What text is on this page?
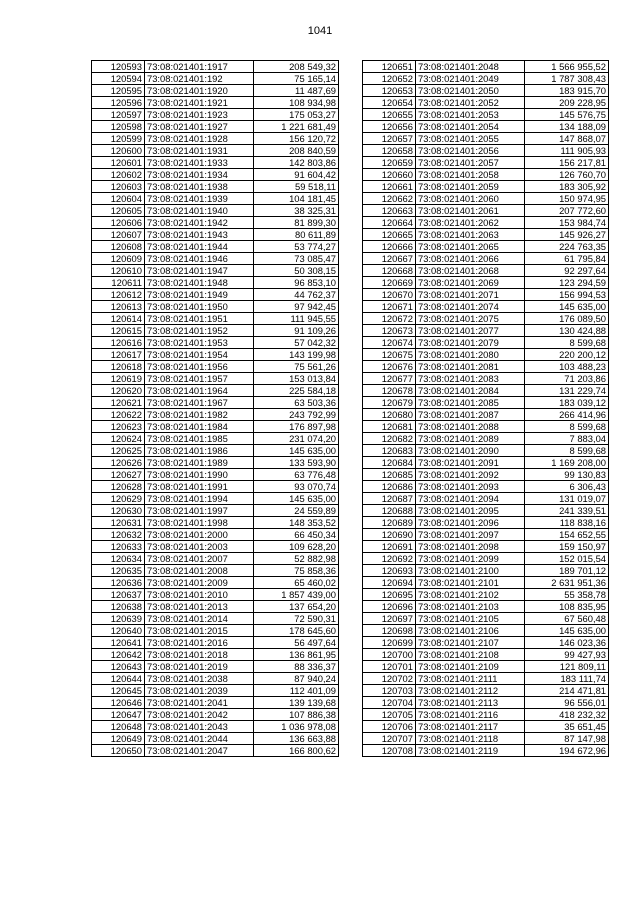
1041
120593	73:08:021401:1917	208 549,32
120594	73:08:021401:192	75 165,14
120595	73:08:021401:1920	11 487,69
120596	73:08:021401:1921	108 934,98
120597	73:08:021401:1923	175 053,27
120598	73:08:021401:1927	1 221 681,49
120599	73:08:021401:1928	156 120,72
120600	73:08:021401:1931	208 840,59
120601	73:08:021401:1933	142 803,86
120602	73:08:021401:1934	91 604,42
120603	73:08:021401:1938	59 518,11
120604	73:08:021401:1939	104 181,45
120605	73:08:021401:1940	38 325,31
120606	73:08:021401:1942	81 899,30
120607	73:08:021401:1943	80 611,89
120608	73:08:021401:1944	53 774,27
120609	73:08:021401:1946	73 085,47
120610	73:08:021401:1947	50 308,15
120611	73:08:021401:1948	96 853,10
120612	73:08:021401:1949	44 762,37
120613	73:08:021401:1950	97 942,45
120614	73:08:021401:1951	111 945,55
120615	73:08:021401:1952	91 109,26
120616	73:08:021401:1953	57 042,32
120617	73:08:021401:1954	143 199,98
120618	73:08:021401:1956	75 561,26
120619	73:08:021401:1957	153 013,84
120620	73:08:021401:1964	225 584,18
120621	73:08:021401:1967	63 503,36
120622	73:08:021401:1982	243 792,99
120623	73:08:021401:1984	176 897,98
120624	73:08:021401:1985	231 074,20
120625	73:08:021401:1986	145 635,00
120626	73:08:021401:1989	133 593,90
120627	73:08:021401:1990	63 776,48
120628	73:08:021401:1991	93 070,74
120629	73:08:021401:1994	145 635,00
120630	73:08:021401:1997	24 559,89
120631	73:08:021401:1998	148 353,52
120632	73:08:021401:2000	66 450,34
120633	73:08:021401:2003	109 628,20
120634	73:08:021401:2007	52 882,98
120635	73:08:021401:2008	75 858,36
120636	73:08:021401:2009	65 460,02
120637	73:08:021401:2010	1 857 439,00
120638	73:08:021401:2013	137 654,20
120639	73:08:021401:2014	72 590,31
120640	73:08:021401:2015	178 645,60
120641	73:08:021401:2016	56 497,64
120642	73:08:021401:2018	136 861,95
120643	73:08:021401:2019	88 336,37
120644	73:08:021401:2038	87 940,24
120645	73:08:021401:2039	112 401,09
120646	73:08:021401:2041	139 139,68
120647	73:08:021401:2042	107 886,38
120648	73:08:021401:2043	1 036 978,08
120649	73:08:021401:2044	136 663,88
120650	73:08:021401:2047	166 800,62
120651	73:08:021401:2048	1 566 955,52
120652	73:08:021401:2049	1 787 308,43
120653	73:08:021401:2050	183 915,70
120654	73:08:021401:2052	209 228,95
120655	73:08:021401:2053	145 576,75
120656	73:08:021401:2054	134 188,09
120657	73:08:021401:2055	147 868,07
120658	73:08:021401:2056	111 905,93
120659	73:08:021401:2057	156 217,81
120660	73:08:021401:2058	126 760,70
120661	73:08:021401:2059	183 305,92
120662	73:08:021401:2060	150 974,95
120663	73:08:021401:2061	207 772,60
120664	73:08:021401:2062	153 984,74
120665	73:08:021401:2063	145 926,27
120666	73:08:021401:2065	224 763,35
120667	73:08:021401:2066	61 795,84
120668	73:08:021401:2068	92 297,64
120669	73:08:021401:2069	123 294,59
120670	73:08:021401:2071	156 994,53
120671	73:08:021401:2074	145 635,00
120672	73:08:021401:2075	176 089,50
120673	73:08:021401:2077	130 424,88
120674	73:08:021401:2079	8 599,68
120675	73:08:021401:2080	220 200,12
120676	73:08:021401:2081	103 488,23
120677	73:08:021401:2083	71 203,86
120678	73:08:021401:2084	131 229,74
120679	73:08:021401:2085	183 039,12
120680	73:08:021401:2087	266 414,96
120681	73:08:021401:2088	8 599,68
120682	73:08:021401:2089	7 883,04
120683	73:08:021401:2090	8 599,68
120684	73:08:021401:2091	1 169 208,00
120685	73:08:021401:2092	99 130,83
120686	73:08:021401:2093	6 306,43
120687	73:08:021401:2094	131 019,07
120688	73:08:021401:2095	241 339,51
120689	73:08:021401:2096	118 838,16
120690	73:08:021401:2097	154 652,55
120691	73:08:021401:2098	159 150,97
120692	73:08:021401:2099	152 015,54
120693	73:08:021401:2100	189 701,12
120694	73:08:021401:2101	2 631 951,36
120695	73:08:021401:2102	55 358,78
120696	73:08:021401:2103	108 835,95
120697	73:08:021401:2105	67 560,48
120698	73:08:021401:2106	145 635,00
120699	73:08:021401:2107	146 023,36
120700	73:08:021401:2108	99 427,93
120701	73:08:021401:2109	121 809,11
120702	73:08:021401:2111	183 111,74
120703	73:08:021401:2112	214 471,81
120704	73:08:021401:2113	96 556,01
120705	73:08:021401:2116	418 232,32
120706	73:08:021401:2117	35 651,45
120707	73:08:021401:2118	87 147,98
120708	73:08:021401:2119	194 672,96
